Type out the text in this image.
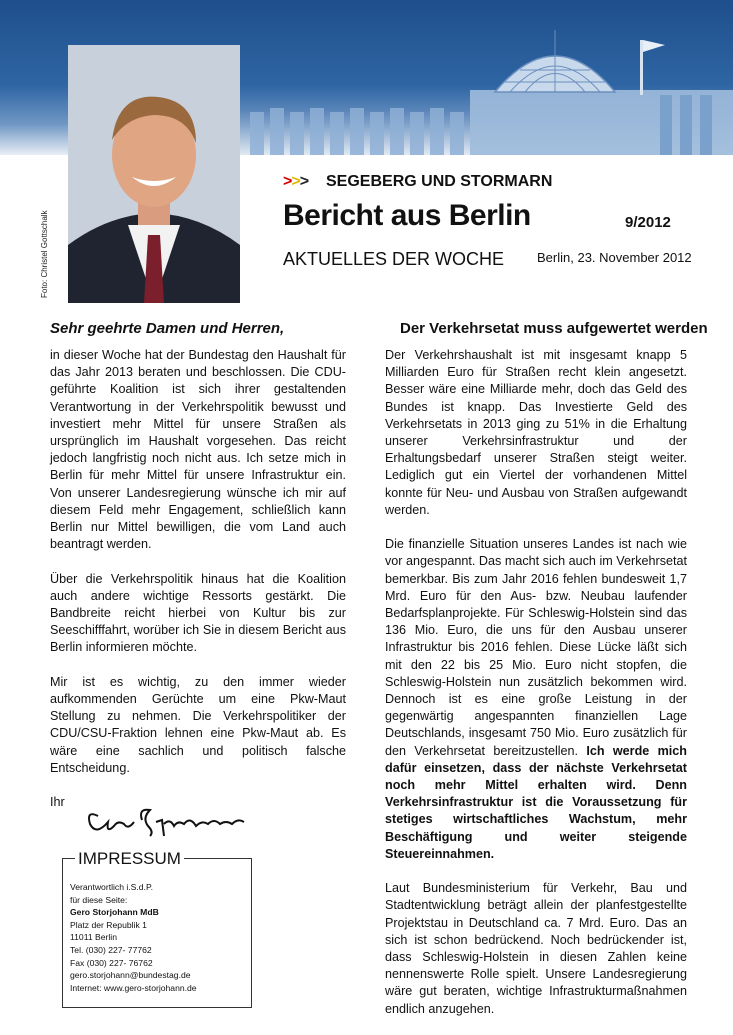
Foto: Christel Gottschalk
>>> SEGEBERG UND STORMARN
Bericht aus Berlin	9/2012
AKTUELLES DER WOCHE	Berlin, 23. November 2012
Sehr geehrte Damen und Herren,	Der Verkehrsetat muss aufgewertet werden

in dieser Woche hat der Bundestag den Haushalt für das Jahr 2013 beraten und beschlossen. Die CDU-geführte Koalition ist sich ihrer gestaltenden Verantwortung in der Verkehrspolitik bewusst und investiert mehr Mittel für unsere Straßen als ursprünglich im Haushalt vorgesehen. Das reicht jedoch langfristig noch nicht aus. Ich setze mich in Berlin für mehr Mittel für unsere Infrastruktur ein. Von unserer Landesregierung wünsche ich mir auf diesem Feld mehr Engagement, schließlich kann Berlin nur Mittel bewilligen, die vom Land auch beantragt werden.

Über die Verkehrspolitik hinaus hat die Koalition auch andere wichtige Ressorts gestärkt. Die Bandbreite reicht hierbei von Kultur bis zur Seeschifffahrt, worüber ich Sie in diesem Bericht aus Berlin informieren möchte.

Mir ist es wichtig, zu den immer wieder aufkommenden Gerüchte um eine Pkw-Maut Stellung zu nehmen. Die Verkehrspolitiker der CDU/CSU-Fraktion lehnen eine Pkw-Maut ab. Es wäre eine sachlich und politisch falsche Entscheidung.

Ihr

IMPRESSUM
Verantwortlich i.S.d.P.
für diese Seite:
Gero Storjohann MdB
Platz der Republik 1
11011 Berlin
Tel. (030) 227- 77762
Fax (030) 227- 76762
gero.storjohann@bundestag.de
Internet: www.gero-storjohann.de

Der Verkehrshaushalt ist mit insgesamt knapp 5 Milliarden Euro für Straßen recht klein angesetzt. Besser wäre eine Milliarde mehr, doch das Geld des Bundes ist knapp. Das Investierte Geld des Verkehrsetats in 2013 ging zu 51% in die Erhaltung unserer Verkehrsinfrastruktur und der Erhaltungsbedarf unserer Straßen steigt weiter. Lediglich gut ein Viertel der vorhandenen Mittel konnte für Neu- und Ausbau von Straßen aufgewandt werden.

Die finanzielle Situation unseres Landes ist nach wie vor angespannt. Das macht sich auch im Verkehrsetat bemerkbar. Bis zum Jahr 2016 fehlen bundesweit 1,7 Mrd. Euro für den Aus- bzw. Neubau laufender Bedarfsplanprojekte. Für Schleswig-Holstein sind das 136 Mio. Euro, die uns für den Ausbau unserer Infrastruktur bis 2016 fehlen. Diese Lücke läßt sich mit den 22 bis 25 Mio. Euro nicht stopfen, die Schleswig-Holstein nun zusätzlich bekommen wird. Dennoch ist es eine große Leistung in der gegenwärtig angespannten finanziellen Lage Deutschlands, insgesamt 750 Mio. Euro zusätzlich für den Verkehrsetat bereitzustellen. Ich werde mich dafür einsetzen, dass der nächste Verkehrsetat noch mehr Mittel erhalten wird. Denn Verkehrsinfrastruktur ist die Voraussetzung für stetiges wirtschaftliches Wachstum, mehr Beschäftigung und weiter steigende Steuereinnahmen.

Laut Bundesministerium für Verkehr, Bau und Stadtentwicklung beträgt allein der planfestgestellte Projektstau in Deutschland ca. 7 Mrd. Euro. Das an sich ist schon bedrückend. Noch bedrückender ist, dass Schleswig-Holstein in diesen Zahlen keine nennenswerte Rolle spielt. Unsere Landesregierung wäre gut beraten, wichtige Infrastrukturmaßnahmen endlich anzugehen.
